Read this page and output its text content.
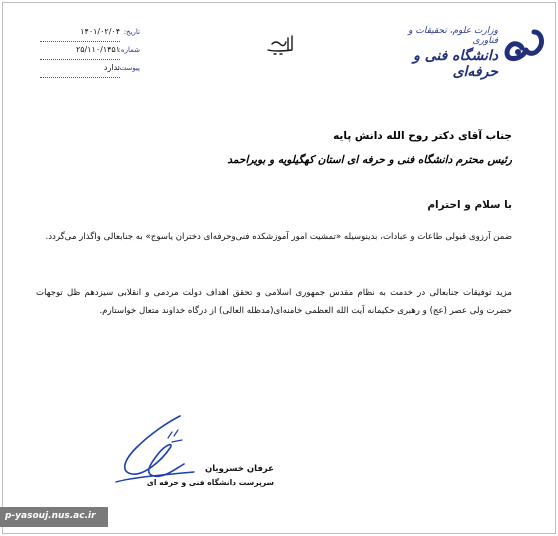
تاریخ:
۱۴۰۱/۰۲/۰۴
شماره:
۲۵/۱۱۰/۱۴۵۱
پیوست:
ندارد
وزارت علوم، تحقیقات و فناوری
دانشگاه فنی و حرفه‌ای
جناب آقای دکتر روح الله دانش پایه
رئیس محترم دانشگاه فنی و حرفه ای استان کهگیلویه و بویراحمد
با سلام و احترام
ضمن آرزوی قبولی طاعات و عبادات، بدینوسیله «تمشیت امور آموزشکده فنی‌وحرفه‌ای دختران یاسوج» به جنابعالی واگذار می‌گردد.
مزید توفیقات جنابعالی در خدمت به نظام مقدس جمهوری اسلامی و تحقق اهداف دولت مردمی و انقلابی سیزدهم ظل توجهات حضرت ولی عصر (عج) و رهبری حکیمانه آیت الله العظمی خامنه‌ای(مدظله العالی) از درگاه خداوند متعال خواستارم.
عرفان خسرویان
سرپرست دانشگاه فنی و حرفه ای
p-yasouj.nus.ac.ir
